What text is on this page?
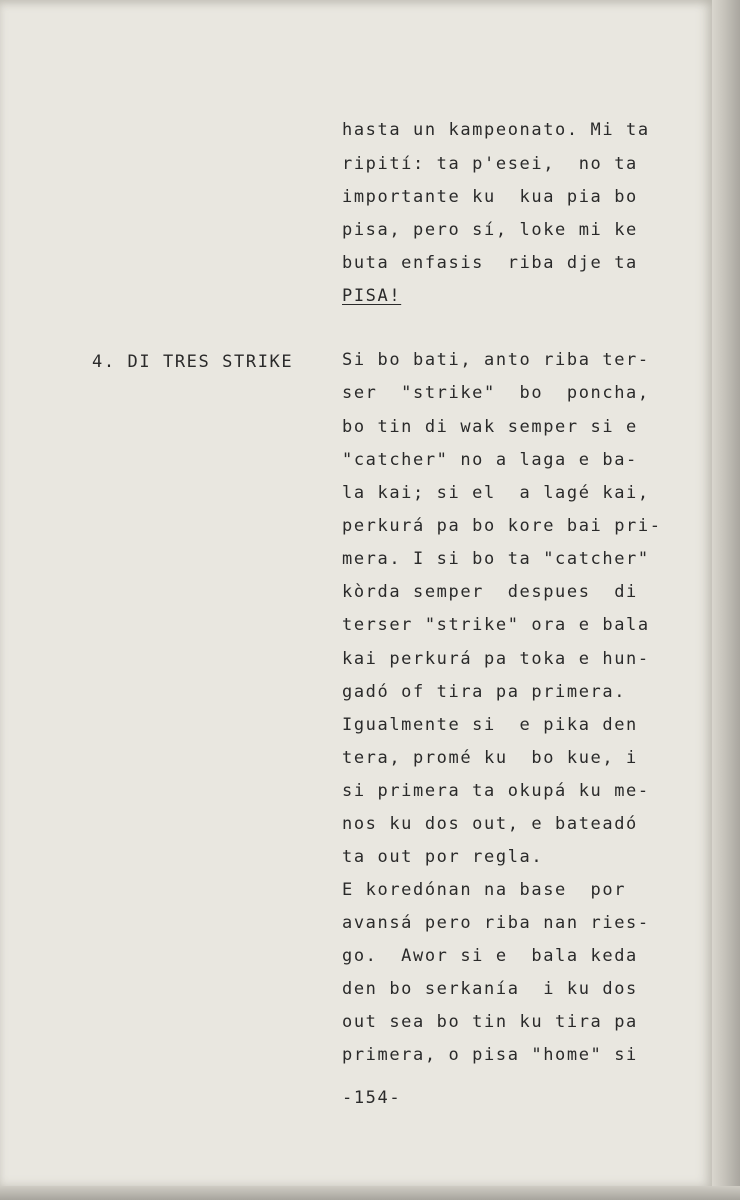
4. DI TRES STRIKE
hasta un kampeonato. Mi ta
ripití: ta p'esei,  no ta
importante ku  kua pia bo
pisa, pero sí, loke mi ke
buta enfasis  riba dje ta
PISA!
Si bo bati, anto riba ter-
ser  "strike"  bo  poncha,
bo tin di wak semper si e
"catcher" no a laga e ba-
la kai; si el  a lagé kai,
perkurá pa bo kore bai pri-
mera. I si bo ta "catcher"
kòrda semper  despues  di
terser "strike" ora e bala
kai perkurá pa toka e hun-
gadó of tira pa primera.
Igualmente si  e pika den
tera, promé ku  bo kue, i
si primera ta okupá ku me-
nos ku dos out, e bateadó
ta out por regla.
E koredónan na base  por
avansá pero riba nan ries-
go.  Awor si e  bala keda
den bo serkanía  i ku dos
out sea bo tin ku tira pa
primera, o pisa "home" si
-154-
